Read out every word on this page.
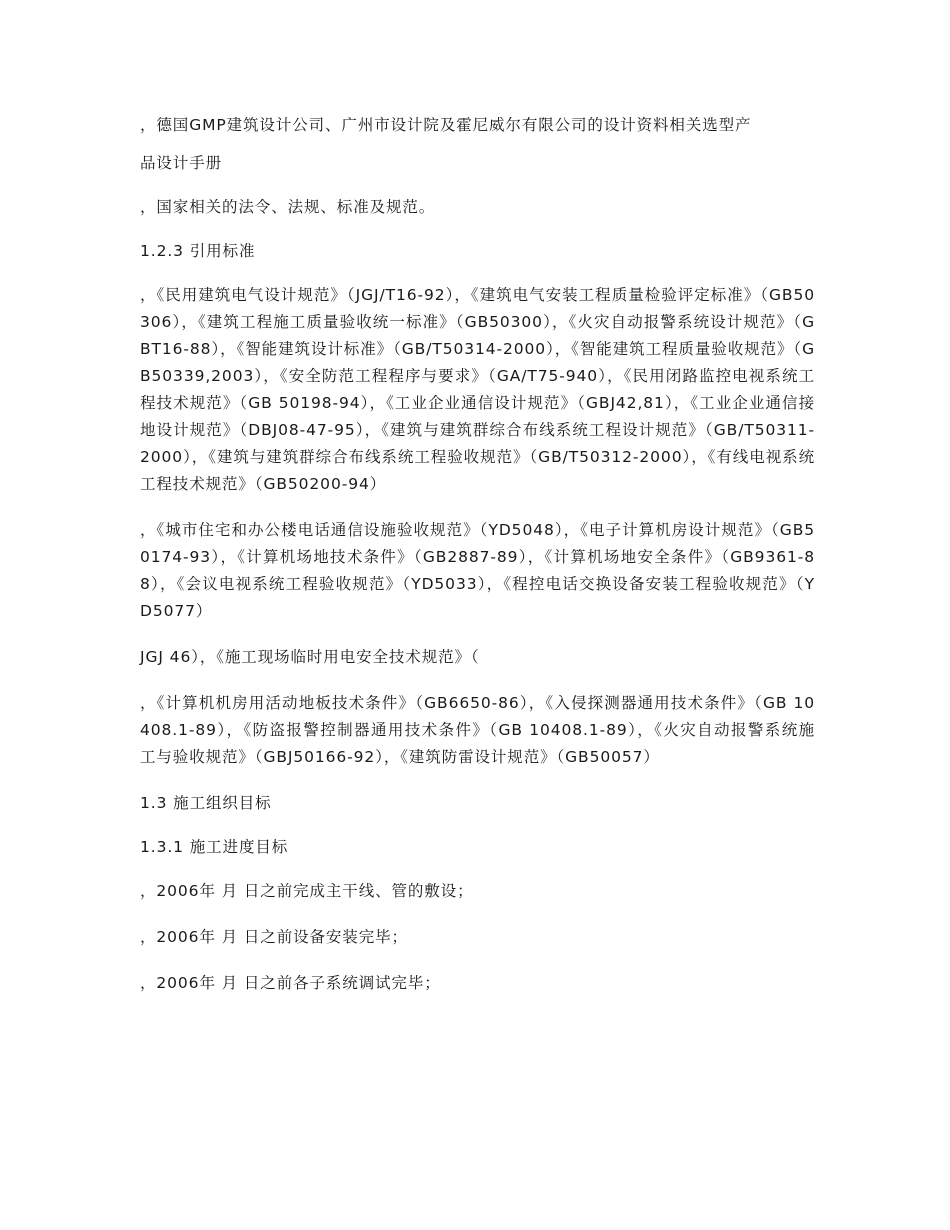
，德国GMP建筑设计公司、广州市设计院及霍尼威尔有限公司的设计资料相关选型产

品设计手册

，国家相关的法令、法规、标准及规范。

1.2.3 引用标准

，《民用建筑电气设计规范》（JGJ/T16-92），《建筑电气安装工程质量检验评定标准》（GB50306），《建筑工程施工质量验收统一标准》（GB50300），《火灾自动报警系统设计规范》（GBT16-88），《智能建筑设计标准》（GB/T50314-2000），《智能建筑工程质量验收规范》（GB50339,2003），《安全防范工程程序与要求》（GA/T75-940），《民用闭路监控电视系统工程技术规范》（GB 50198-94），《工业企业通信设计规范》（GBJ42,81），《工业企业通信接地设计规范》（DBJ08-47-95），《建筑与建筑群综合布线系统工程设计规范》（GB/T50311-2000），《建筑与建筑群综合布线系统工程验收规范》（GB/T50312-2000），《有线电视系统工程技术规范》（GB50200-94）

，《城市住宅和办公楼电话通信设施验收规范》（YD5048），《电子计算机房设计规范》（GB50174-93），《计算机场地技术条件》（GB2887-89），《计算机场地安全条件》（GB9361-88），《会议电视系统工程验收规范》（YD5033），《程控电话交换设备安装工程验收规范》（YD5077）

JGJ 46），《施工现场临时用电安全技术规范》（

，《计算机机房用活动地板技术条件》（GB6650-86），《入侵探测器通用技术条件》（GB 10408.1-89），《防盗报警控制器通用技术条件》（GB 10408.1-89），《火灾自动报警系统施工与验收规范》（GBJ50166-92），《建筑防雷设计规范》（GB50057）

1.3 施工组织目标

1.3.1 施工进度目标

，2006年 月 日之前完成主干线、管的敷设；

，2006年 月 日之前设备安装完毕；

，2006年 月 日之前各子系统调试完毕；
